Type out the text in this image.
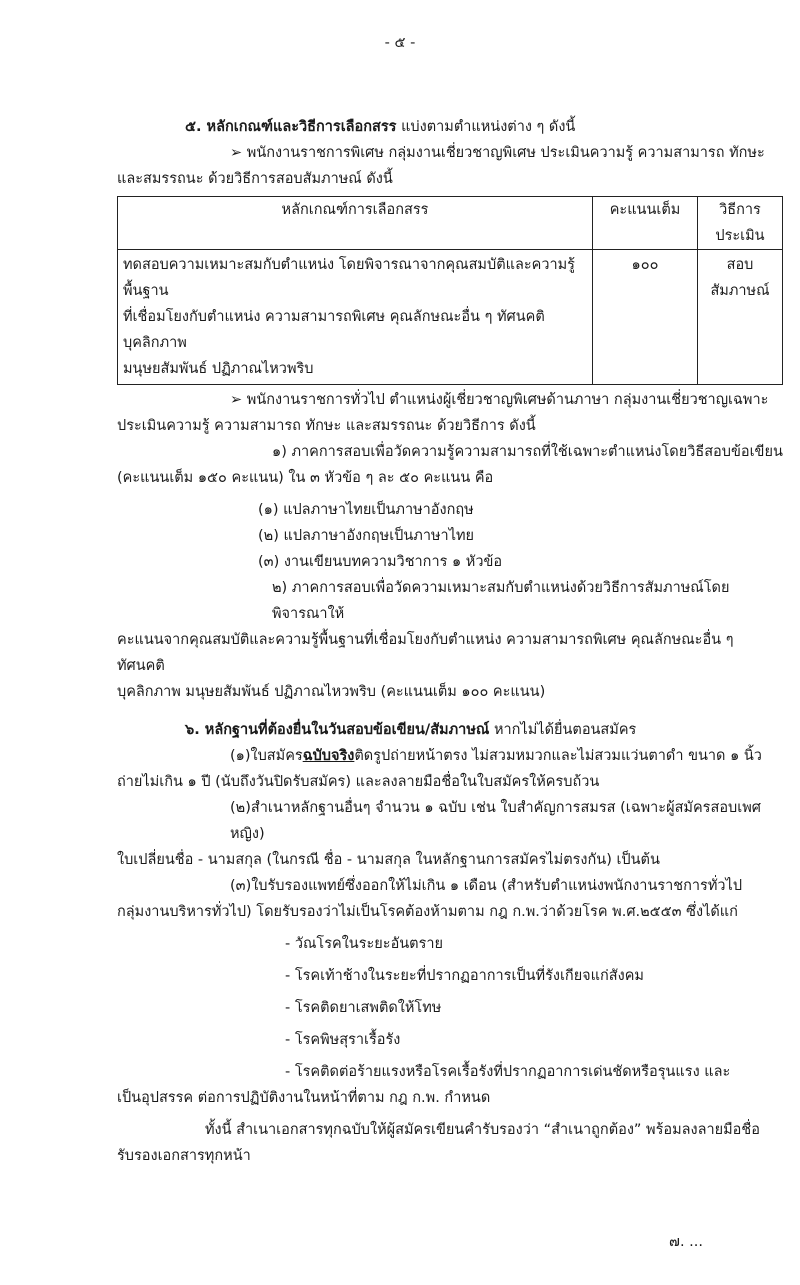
- ๕ -
๕. หลักเกณฑ์และวิธีการเลือกสรร แบ่งตามตำแหน่งต่าง ๆ ดังนี้
➢ พนักงานราชการพิเศษ กลุ่มงานเชี่ยวชาญพิเศษ ประเมินความรู้ ความสามารถ ทักษะ
และสมรรถนะ ด้วยวิธีการสอบสัมภาษณ์ ดังนี้
หลักเกณฑ์การเลือกสรร	คะแนนเต็ม	วิธีการประเมิน

ทดสอบความเหมาะสมกับตำแหน่ง โดยพิจารณาจากคุณสมบัติและความรู้พื้นฐาน
ที่เชื่อมโยงกับตำแหน่ง ความสามารถพิเศษ คุณลักษณะอื่น ๆ ทัศนคติ บุคลิกภาพ
มนุษยสัมพันธ์ ปฏิภาณไหวพริบ	๑๐๐	สอบสัมภาษณ์
➢ พนักงานราชการทั่วไป ตำแหน่งผู้เชี่ยวชาญพิเศษด้านภาษา กลุ่มงานเชี่ยวชาญเฉพาะ
ประเมินความรู้ ความสามารถ ทักษะ และสมรรถนะ ด้วยวิธีการ ดังนี้
๑) ภาคการสอบเพื่อวัดความรู้ความสามารถที่ใช้เฉพาะตำแหน่งโดยวิธีสอบข้อเขียน
(คะแนนเต็ม ๑๕๐ คะแนน) ใน ๓ หัวข้อ ๆ ละ ๕๐ คะแนน คือ
(๑) แปลภาษาไทยเป็นภาษาอังกฤษ
(๒) แปลภาษาอังกฤษเป็นภาษาไทย
(๓) งานเขียนบทความวิชาการ ๑ หัวข้อ
๒) ภาคการสอบเพื่อวัดความเหมาะสมกับตำแหน่งด้วยวิธีการสัมภาษณ์โดยพิจารณาให้
คะแนนจากคุณสมบัติและความรู้พื้นฐานที่เชื่อมโยงกับตำแหน่ง ความสามารถพิเศษ คุณลักษณะอื่น ๆ ทัศนคติ
บุคลิกภาพ มนุษยสัมพันธ์ ปฏิภาณไหวพริบ (คะแนนเต็ม ๑๐๐ คะแนน)
๖. หลักฐานที่ต้องยื่นในวันสอบข้อเขียน/สัมภาษณ์ หากไม่ได้ยื่นตอนสมัคร
(๑)ใบสมัครฉบับจริงติดรูปถ่ายหน้าตรง ไม่สวมหมวกและไม่สวมแว่นตาดำ ขนาด ๑ นิ้ว
ถ่ายไม่เกิน ๑ ปี (นับถึงวันปิดรับสมัคร) และลงลายมือชื่อในใบสมัครให้ครบถ้วน
(๒)สำเนาหลักฐานอื่นๆ จำนวน ๑ ฉบับ เช่น ใบสำคัญการสมรส (เฉพาะผู้สมัครสอบเพศหญิง)
ใบเปลี่ยนชื่อ - นามสกุล (ในกรณี ชื่อ - นามสกุล ในหลักฐานการสมัครไม่ตรงกัน) เป็นต้น
(๓)ใบรับรองแพทย์ซึ่งออกให้ไม่เกิน ๑ เดือน (สำหรับตำแหน่งพนักงานราชการทั่วไป
กลุ่มงานบริหารทั่วไป) โดยรับรองว่าไม่เป็นโรคต้องห้ามตาม กฎ ก.พ.ว่าด้วยโรค พ.ศ.๒๕๕๓ ซึ่งได้แก่
- วัณโรคในระยะอันตราย
- โรคเท้าช้างในระยะที่ปรากฏอาการเป็นที่รังเกียจแก่สังคม
- โรคติดยาเสพติดให้โทษ
- โรคพิษสุราเรื้อรัง
- โรคติดต่อร้ายแรงหรือโรคเรื้อรังที่ปรากฏอาการเด่นชัดหรือรุนแรง และ
เป็นอุปสรรค ต่อการปฏิบัติงานในหน้าที่ตาม กฎ ก.พ. กำหนด
ทั้งนี้ สำเนาเอกสารทุกฉบับให้ผู้สมัครเขียนคำรับรองว่า “สำเนาถูกต้อง” พร้อมลงลายมือชื่อ
รับรองเอกสารทุกหน้า
๗. ...
